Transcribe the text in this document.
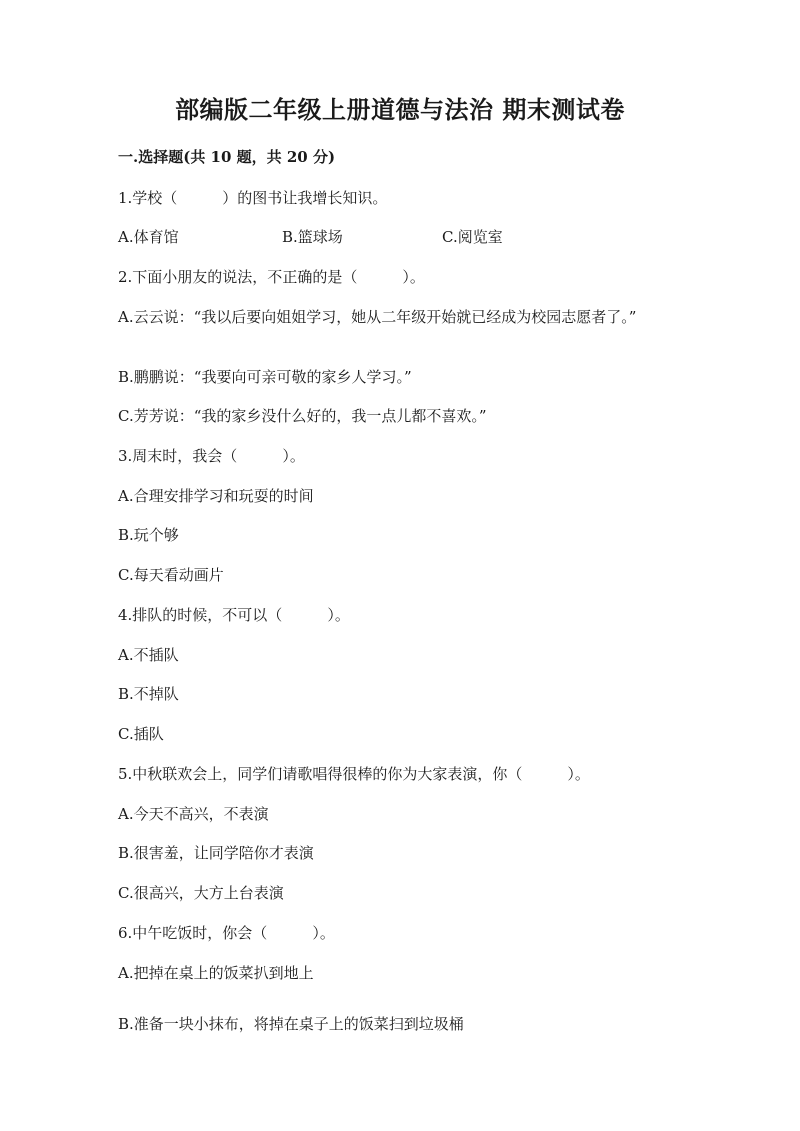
部编版二年级上册道德与法治 期末测试卷
一.选择题(共 10 题，共 20 分)
1.学校（　　　）的图书让我增长知识。
A.体育馆	B.篮球场	C.阅览室
2.下面小朋友的说法，不正确的是（　　　）。
A.云云说：“我以后要向姐姐学习，她从二年级开始就已经成为校园志愿者了。”
B.鹏鹏说：“我要向可亲可敬的家乡人学习。”
C.芳芳说：“我的家乡没什么好的，我一点儿都不喜欢。”
3.周末时，我会（　　　）。
A.合理安排学习和玩耍的时间
B.玩个够
C.每天看动画片
4.排队的时候，不可以（　　　）。
A.不插队
B.不掉队
C.插队
5.中秋联欢会上，同学们请歌唱得很棒的你为大家表演，你（　　　）。
A.今天不高兴，不表演
B.很害羞，让同学陪你才表演
C.很高兴，大方上台表演
6.中午吃饭时，你会（　　　）。
A.把掉在桌上的饭菜扒到地上
B.准备一块小抹布，将掉在桌子上的饭菜扫到垃圾桶
